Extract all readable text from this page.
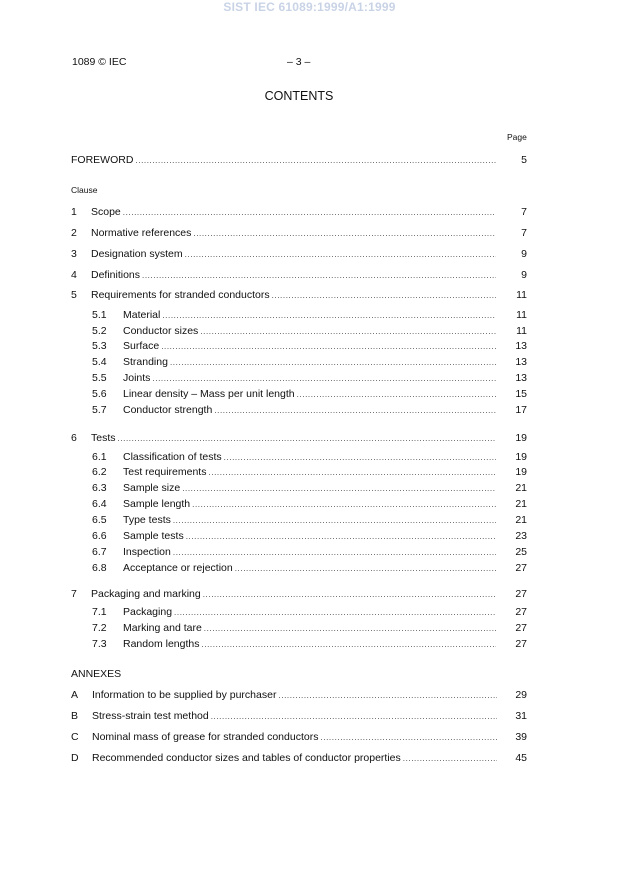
SIST IEC 61089:1999/A1:1999
1089 © IEC	– 3 –
CONTENTS
Page
FOREWORD .....	5
Clause
1 Scope .....	7
2 Normative references .....	7
3 Designation system .....	9
4 Definitions .....	9
5 Requirements for stranded conductors .....	11
5.1 Material .....	11
5.2 Conductor sizes .....	11
5.3 Surface .....	13
5.4 Stranding .....	13
5.5 Joints .....	13
5.6 Linear density – Mass per unit length .....	15
5.7 Conductor strength .....	17
6 Tests .....	19
6.1 Classification of tests .....	19
6.2 Test requirements .....	19
6.3 Sample size .....	21
6.4 Sample length .....	21
6.5 Type tests .....	21
6.6 Sample tests .....	23
6.7 Inspection .....	25
6.8 Acceptance or rejection .....	27
7 Packaging and marking .....	27
7.1 Packaging .....	27
7.2 Marking and tare .....	27
7.3 Random lengths .....	27
ANNEXES
A Information to be supplied by purchaser .....	29
B Stress-strain test method .....	31
C Nominal mass of grease for stranded conductors .....	39
D Recommended conductor sizes and tables of conductor properties .....	45
